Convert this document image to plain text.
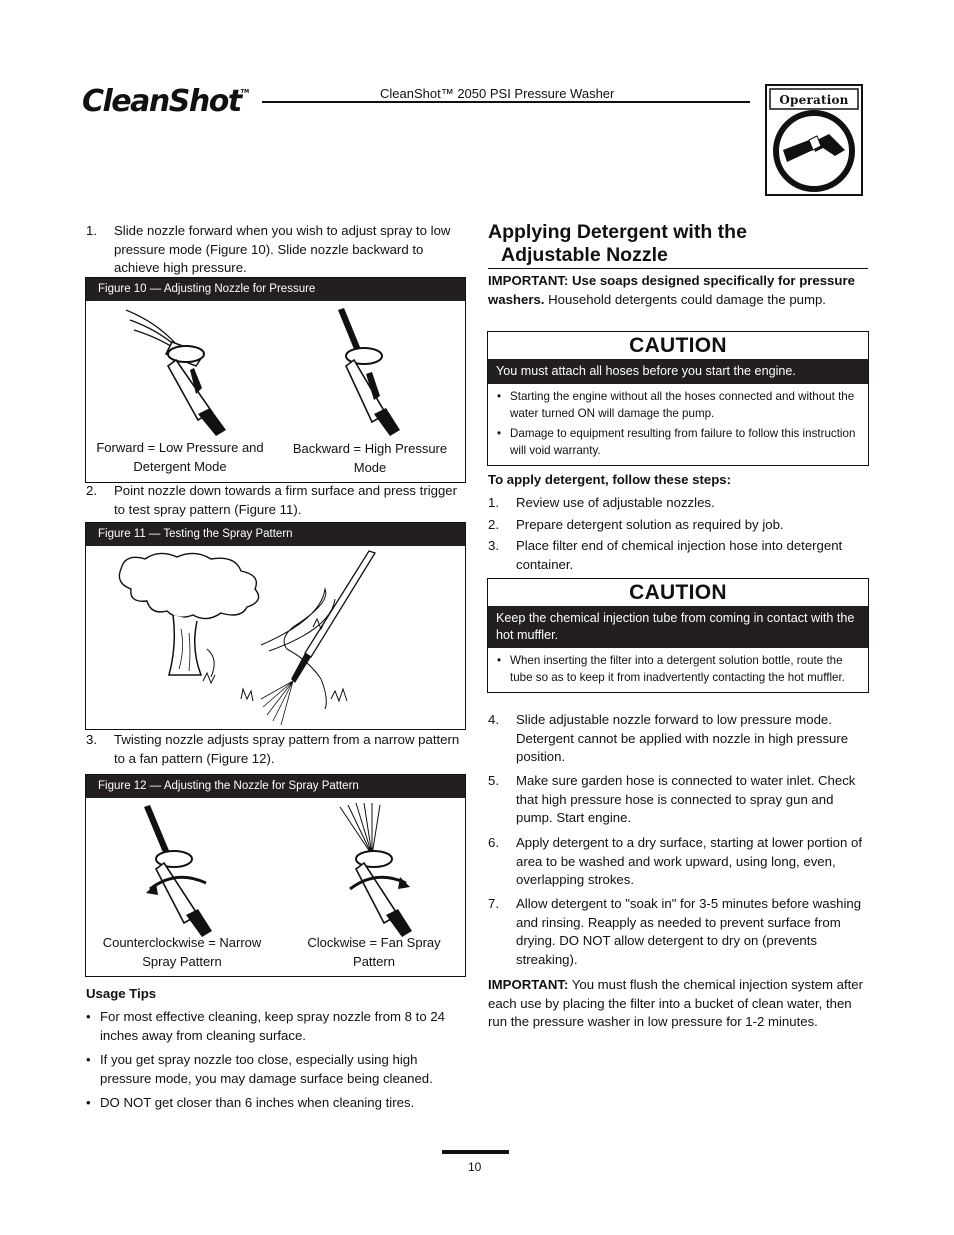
CleanShot™	CleanShot™ 2050 PSI Pressure Washer	Operation
1. Slide nozzle forward when you wish to adjust spray to low pressure mode (Figure 10). Slide nozzle backward to achieve high pressure.
Figure 10 — Adjusting Nozzle for Pressure
Forward = Low Pressure and Detergent Mode
Backward = High Pressure Mode
2. Point nozzle down towards a firm surface and press trigger to test spray pattern (Figure 11).
Figure 11 — Testing the Spray Pattern
3. Twisting nozzle adjusts spray pattern from a narrow pattern to a fan pattern (Figure 12).
Figure 12 — Adjusting the Nozzle for Spray Pattern
Counterclockwise = Narrow Spray Pattern
Clockwise = Fan Spray Pattern
Usage Tips
• For most effective cleaning, keep spray nozzle from 8 to 24 inches away from cleaning surface.
• If you get spray nozzle too close, especially using high pressure mode, you may damage surface being cleaned.
• DO NOT get closer than 6 inches when cleaning tires.
Applying Detergent with the
Adjustable Nozzle
IMPORTANT: Use soaps designed specifically for pressure washers. Household detergents could damage the pump.
CAUTION
You must attach all hoses before you start the engine.
• Starting the engine without all the hoses connected and without the water turned ON will damage the pump.
• Damage to equipment resulting from failure to follow this instruction will void warranty.
To apply detergent, follow these steps:
1. Review use of adjustable nozzles.
2. Prepare detergent solution as required by job.
3. Place filter end of chemical injection hose into detergent container.
CAUTION
Keep the chemical injection tube from coming in contact with the hot muffler.
• When inserting the filter into a detergent solution bottle, route the tube so as to keep it from inadvertently contacting the hot muffler.
4. Slide adjustable nozzle forward to low pressure mode. Detergent cannot be applied with nozzle in high pressure position.
5. Make sure garden hose is connected to water inlet. Check that high pressure hose is connected to spray gun and pump. Start engine.
6. Apply detergent to a dry surface, starting at lower portion of area to be washed and work upward, using long, even, overlapping strokes.
7. Allow detergent to "soak in" for 3-5 minutes before washing and rinsing. Reapply as needed to prevent surface from drying. DO NOT allow detergent to dry on (prevents streaking).
IMPORTANT: You must flush the chemical injection system after each use by placing the filter into a bucket of clean water, then run the pressure washer in low pressure for 1-2 minutes.
10
